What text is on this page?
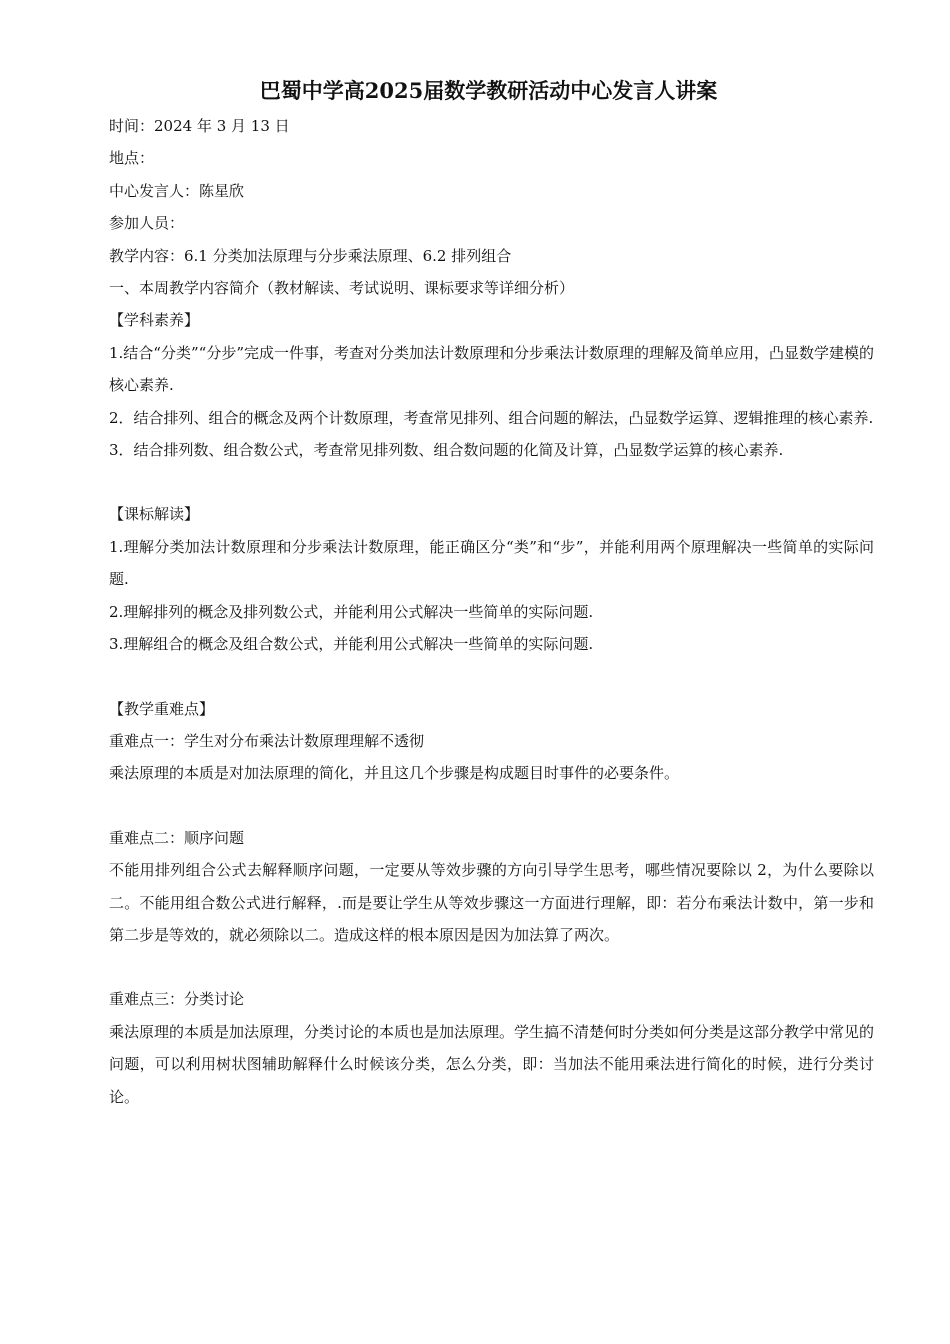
巴蜀中学高2025届数学教研活动中心发言人讲案

时间：2024 年 3 月 13 日

地点：

中心发言人：陈星欣

参加人员：

教学内容：6.1 分类加法原理与分步乘法原理、6.2 排列组合

一、本周教学内容简介（教材解读、考试说明、课标要求等详细分析）

【学科素养】

1.结合“分类”“分步”完成一件事，考查对分类加法计数原理和分步乘法计数原理的理解及简单应用，凸显数学建模的核心素养.

2．结合排列、组合的概念及两个计数原理，考查常见排列、组合问题的解法，凸显数学运算、逻辑推理的核心素养.

3．结合排列数、组合数公式，考查常见排列数、组合数问题的化简及计算，凸显数学运算的核心素养.

【课标解读】

1.理解分类加法计数原理和分步乘法计数原理，能正确区分“类”和“步”，并能利用两个原理解决一些简单的实际问题.

2.理解排列的概念及排列数公式，并能利用公式解决一些简单的实际问题.

3.理解组合的概念及组合数公式，并能利用公式解决一些简单的实际问题.

【教学重难点】

重难点一：学生对分布乘法计数原理理解不透彻

乘法原理的本质是对加法原理的简化，并且这几个步骤是构成题目时事件的必要条件。

重难点二：顺序问题

不能用排列组合公式去解释顺序问题，一定要从等效步骤的方向引导学生思考，哪些情况要除以 2，为什么要除以二。不能用组合数公式进行解释，.而是要让学生从等效步骤这一方面进行理解，即：若分布乘法计数中，第一步和第二步是等效的，就必须除以二。造成这样的根本原因是因为加法算了两次。

重难点三：分类讨论

乘法原理的本质是加法原理，分类讨论的本质也是加法原理。学生搞不清楚何时分类如何分类是这部分教学中常见的问题，可以利用树状图辅助解释什么时候该分类，怎么分类，即：当加法不能用乘法进行简化的时候，进行分类讨论。
